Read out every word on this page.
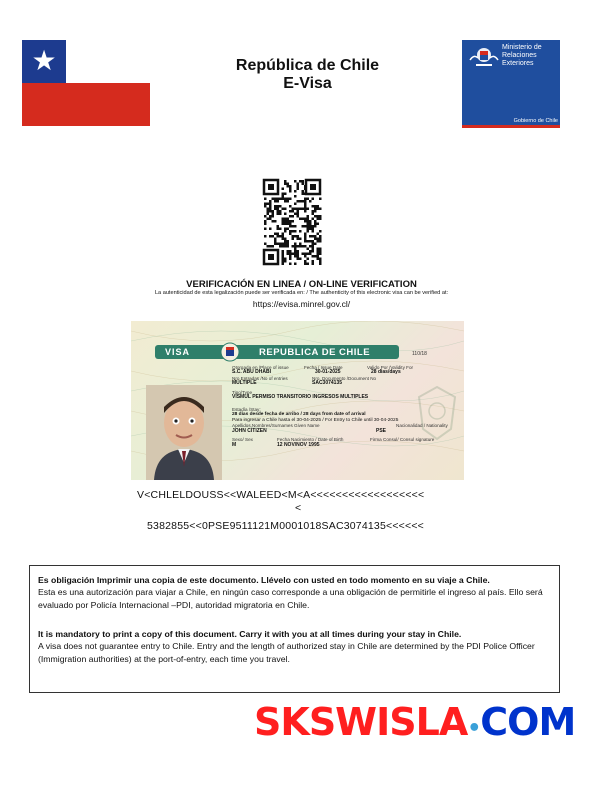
★	República de Chile
E-Visa
Ministerio de
Relaciones
Exteriores
Gobierno de Chile
VERIFICACIÓN EN LINEA / ON-LINE VERIFICATION
La autenticidad de esta legalización puede ser verificada en: / The authenticity of this electronic visa can be verified at:
https://evisa.minrel.gov.cl/
VISA	REPUBLICA DE CHILE	110/18
Otorgada en /Place of issue	Fecha / Issue Date	Valido Por /Validity For
S.C. ABU DHABI	30-01-2025	28 dias/days
Nro Entradas /No of entries	Nro. Documento /Document No
MULTIPLE	SAC3074135
Tipo/Type
VISMUL PERMISO TRANSITORIO INGRESOS MULTIPLES
Estadía /Stay:
28 días desde fecha de arribo / 28 days from date of arrival
Para ingresar a Chile hasta el 30-04-2025 / For Entry to Chile until 30-04-2025
Apellidos,Nombres/Surnames Given Name	Nacionalidad / Nationality
JOHN CITIZEN	PSE
Sexo/ Sex	Fecha Nacimiento / Date of Birth	Firma Consul/ Consul signature
M	12 NOV/NOV 1995
V<CHLELDOUSS<<WALEED<M<A<<<<<<<<<<<<<<<<<<
<
5382855<<0PSE9511121M0001018SAC3074135<<<<<<
Es obligación Imprimir una copia de este documento. Llévelo con usted en todo momento en su viaje a Chile.
Esta es una autorización para viajar a Chile, en ningún caso corresponde a una obligación de permitirle el ingreso al país. Ello será evaluado por Policía Internacional –PDI, autoridad migratoria en Chile.
It is mandatory to print a copy of this document. Carry it with you at all times during your stay in Chile.
A visa does not guarantee entry to Chile. Entry and the length of authorized stay in Chile are determined by the PDI Police Officer (Immigration authorities) at the port-of-entry, each time you travel.
SKSWISLA•COM
